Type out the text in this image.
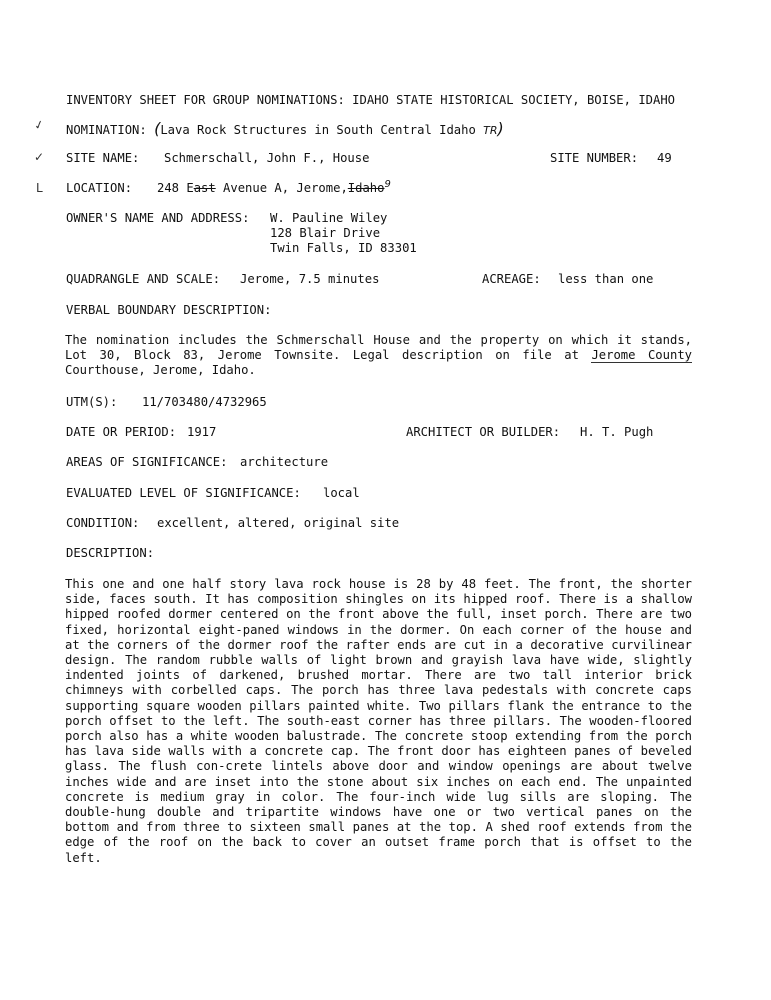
INVENTORY SHEET FOR GROUP NOMINATIONS: IDAHO STATE HISTORICAL SOCIETY, BOISE, IDAHO
✓
✓
L
NOMINATION: (Lava Rock Structures in South Central Idaho TR)
SITE NAME: Schmerschall, John F., House	SITE NUMBER: 49
LOCATION: 248 East Avenue A, Jerome,Idaho$^9$
OWNER'S NAME AND ADDRESS: W. Pauline Wiley
128 Blair Drive
Twin Falls, ID 83301
QUADRANGLE AND SCALE: Jerome, 7.5 minutes	ACREAGE: less than one
VERBAL BOUNDARY DESCRIPTION:
The nomination includes the Schmerschall House and the property on which it stands, Lot 30, Block 83, Jerome Townsite. Legal description on file at Jerome County Courthouse, Jerome, Idaho.
UTM(S): 11/703480/4732965
DATE OR PERIOD: 1917	ARCHITECT OR BUILDER: H. T. Pugh
AREAS OF SIGNIFICANCE: architecture
EVALUATED LEVEL OF SIGNIFICANCE: local
CONDITION: excellent, altered, original site
DESCRIPTION:
This one and one half story lava rock house is 28 by 48 feet. The front, the shorter side, faces south. It has composition shingles on its hipped roof. There is a shallow hipped roofed dormer centered on the front above the full, inset porch. There are two fixed, horizontal eight-paned windows in the dormer. On each corner of the house and at the corners of the dormer roof the rafter ends are cut in a decorative curvilinear design. The random rubble walls of light brown and grayish lava have wide, slightly indented joints of darkened, brushed mortar. There are two tall interior brick chimneys with corbelled caps. The porch has three lava pedestals with concrete caps supporting square wooden pillars painted white. Two pillars flank the entrance to the porch offset to the left. The south-east corner has three pillars. The wooden-floored porch also has a white wooden balustrade. The concrete stoop extending from the porch has lava side walls with a concrete cap. The front door has eighteen panes of beveled glass. The flush con-crete lintels above door and window openings are about twelve inches wide and are inset into the stone about six inches on each end. The unpainted concrete is medium gray in color. The four-inch wide lug sills are sloping. The double-hung double and tripartite windows have one or two vertical panes on the bottom and from three to sixteen small panes at the top. A shed roof extends from the edge of the roof on the back to cover an outset frame porch that is offset to the left.
